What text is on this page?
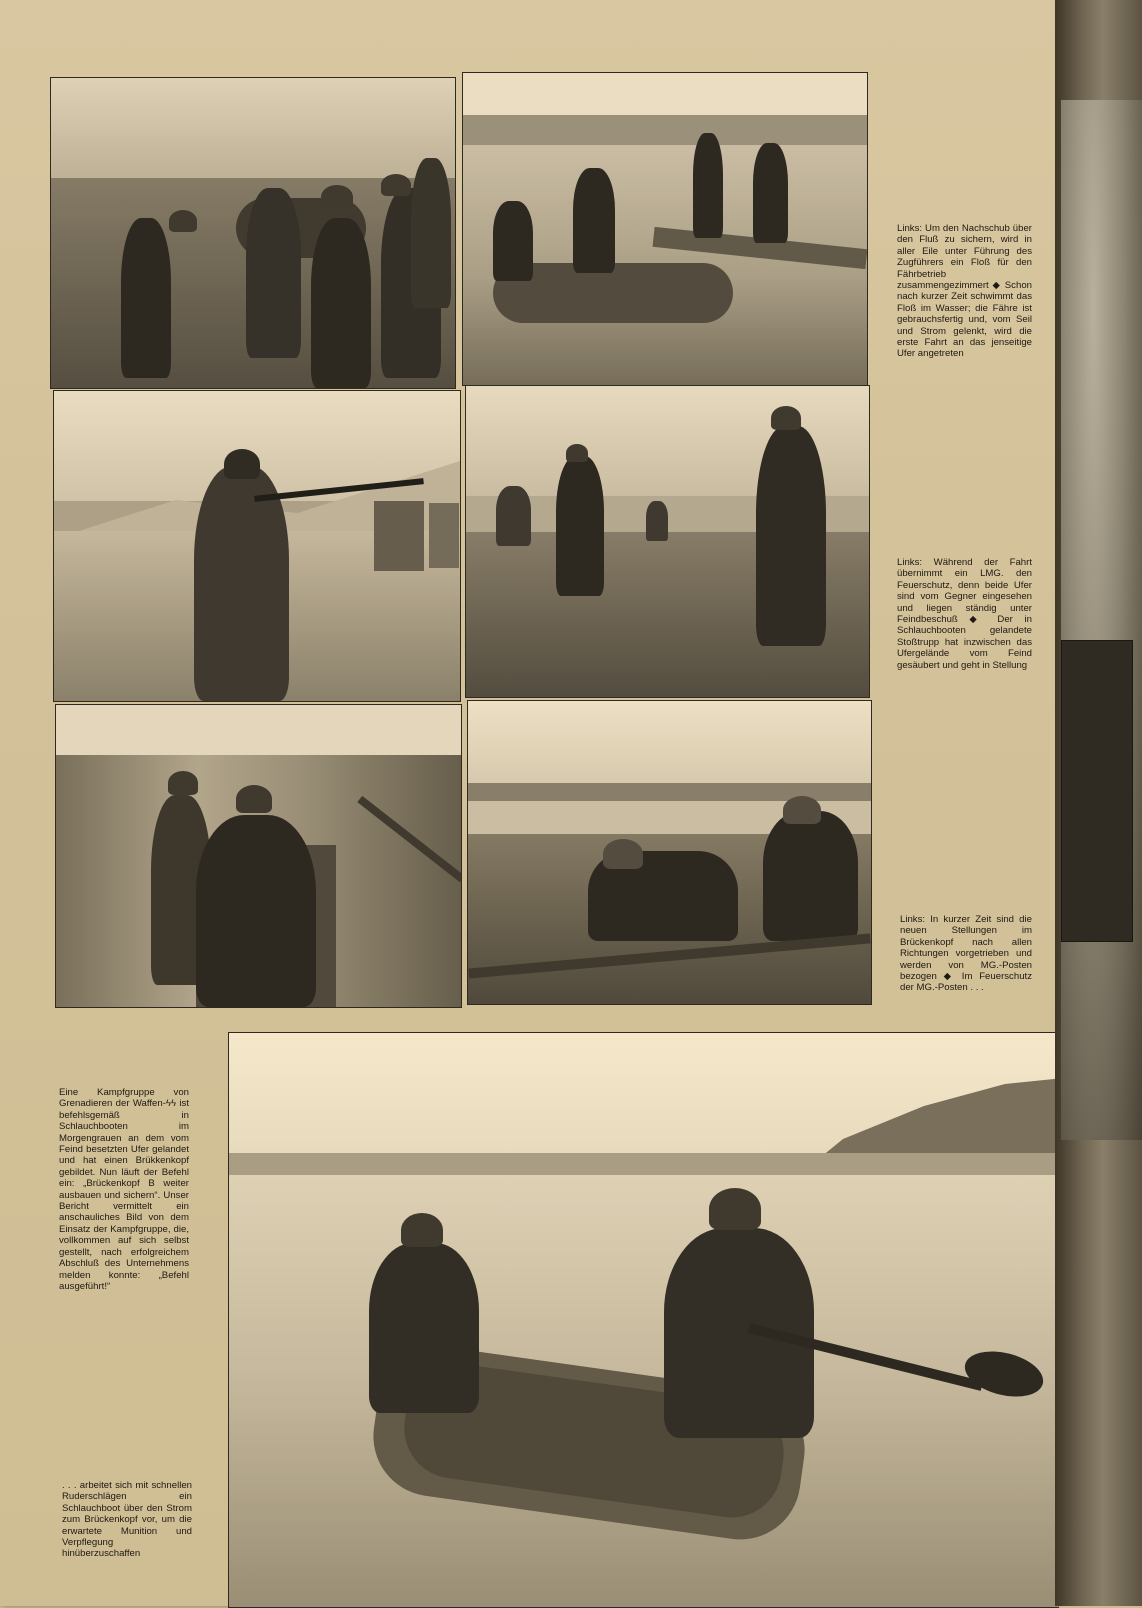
Links: Um den Nachschub über den Fluß zu sichern, wird in aller Eile unter Führung des Zugführers ein Floß für den Fährbetrieb zusammengezimmert ◆ Schon nach kurzer Zeit schwimmt das Floß im Wasser; die Fähre ist gebrauchsfertig und, vom Seil und Strom gelenkt, wird die erste Fahrt an das jenseitige Ufer angetreten
Links: Während der Fahrt übernimmt ein LMG. den Feuerschutz, denn beide Ufer sind vom Gegner eingesehen und liegen ständig unter Feindbeschuß ◆ Der in Schlauchbooten gelandete Stoßtrupp hat inzwischen das Ufergelände vom Feind gesäubert und geht in Stellung
Links: In kurzer Zeit sind die neuen Stellungen im Brückenkopf nach allen Richtungen vorgetrieben und werden von MG.-Posten bezogen ◆ Im Feuerschutz der MG.-Posten . . .
Eine Kampfgruppe von Grenadieren der Waffen-ϟϟ ist befehlsgemäß in Schlauchbooten im Morgengrauen an dem vom Feind besetzten Ufer gelandet und hat einen Brükkenkopf gebildet. Nun läuft der Befehl ein: „Brückenkopf B weiter ausbauen und sichern“. Unser Bericht vermittelt ein anschauliches Bild von dem Einsatz der Kampfgruppe, die, vollkommen auf sich selbst gestellt, nach erfolgreichem Abschluß des Unternehmens melden konnte: „Befehl ausgeführt!“
. . . arbeitet sich mit schnellen Ruderschlägen ein Schlauchboot über den Strom zum Brückenkopf vor, um die erwartete Munition und Verpflegung hinüberzuschaffen
